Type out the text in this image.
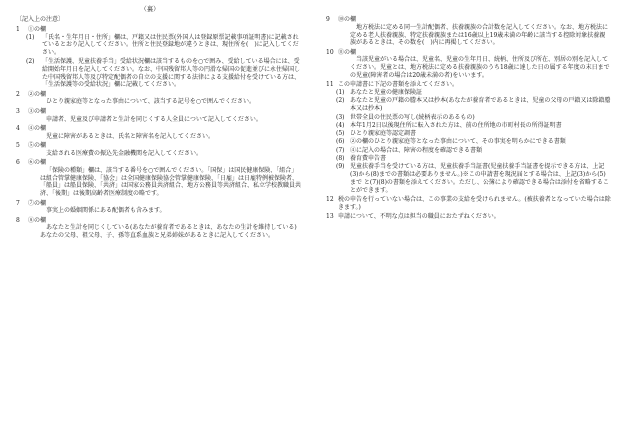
（裏）
〔記入上の注意〕
1	①の欄
(1)	「氏名・生年月日・住所」欄は、戸籍又は住民票(外国人は登録原票記載事項証明書)に記載されているとおり記入してください。住所と住民登録地が違うときは、現住所を(　)に記入してください。
(2)	「生活保護、児童扶養手当」受給状況欄は該当するものを○で囲み、受給している場合には、受給開始年月日を記入してください。なお、中国残留邦人等の円滑な帰国の促進並びに永住帰国した中国残留邦人等及び特定配偶者の自立の支援に関する法律による支援給付を受けている方は、「生活保護等の受給状況」欄に記載してください。
2	②の欄
ひとり親家庭等となった事由について、該当する記号を○で囲んでください。
3	③の欄
申請者、児童及び申請者と生計を同じくする人全員について記入してください。
4	④の欄
児童に障害があるときは、氏名と障害名を記入してください。
5	⑤の欄
支給される医療費の振込先金融機関を記入してください。
6	⑥の欄
「保険の種類」欄は、該当する番号を○で囲んでください。「国保」は国民健康保険、「組合」は組合管掌健康保険、「協会」は全国健康保険協会管掌健康保険、「日雇」は日雇特例被保険者、「船員」は船員保険、「共済」は国家公務員共済組合、地方公務員等共済組合、私立学校教職員共済、「後期」は後期高齢者医療制度の略です。
7	⑦の欄
事実上の婚姻関係にある配偶者も含みます。
8	⑧の欄
あなたと生計を同じくしている(あなたが養育者であるときは、あなたの生計を維持している)あなたの父母、祖父母、子、孫等直系血族と兄弟姉妹があるときに記入してください。
9	⑩の欄
地方税法に定める同一生計配偶者、扶養親族の合計数を記入してください。なお、地方税法に定める老人扶養親族、特定扶養親族または16歳以上19歳未満の年齢に該当する控除対象扶養親族があるときは、その数を(　)内に再掲してください。
10 ⑪の欄
当該児童がいる場合は、児童名、児童の生年月日、続柄、住所及び所在、別居の別を記入してください。児童とは、地方税法に定める扶養親族のうち18歳に達した日の属する年度の末日までの児童(障害者の場合は20歳未満の者)をいいます。
11 この申請書に下記の書類を添えてください。
(1) あなたと児童の健康保険証
(2) あなたと児童の戸籍の謄本又は抄本(あなたが養育者であるときは、児童の父母の戸籍又は除籍謄本又は抄本)
(3) 世帯全員の住民票の写し(続柄表示のあるもの)
(4) 本年1月2日以後現住所に転入された方は、前の住所地の市町村長の所得証明書
(5) ひとり親家庭等認定調書
(6) ②の欄のひとり親家庭等となった事由について、その事実を明らかにできる書類
(7) ④に記入の場合は、障害の程度を確認できる書類
(8) 養育費申告書
(9) 児童扶養手当を受けている方は、児童扶養手当証書(児童扶養手当証書を提示できる方は、上記(3)から(8)までの書類は必要ありません。)※この申請書を現況届とする場合は、上記(3)から(5)まで と(7)(8)の書類を添えてください。ただし、公簿により確認できる場合は添付を省略することができます。
12 税の申告を行っていない場合は、この事業の支給を受けられません。(被扶養者となっていた場合は除きます。)
13 申請について、不明な点は担当の職員におたずねください。
